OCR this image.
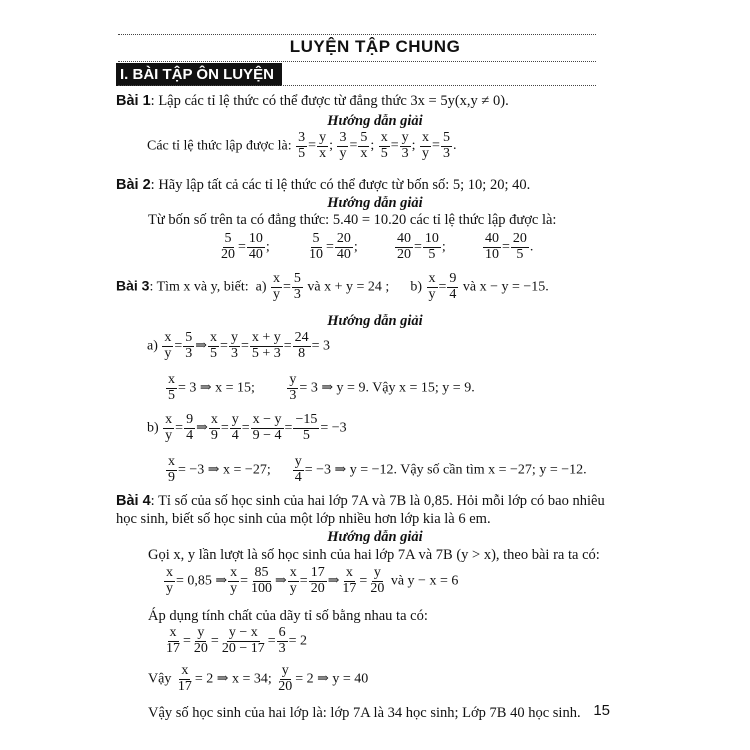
LUYỆN TẬP CHUNG
I. BÀI TẬP ÔN LUYỆN
Bài 1: Lập các tỉ lệ thức có thể được từ đẳng thức 3x = 5y(x,y ≠ 0).
Hướng dẫn giải
Các tỉ lệ thức lập được là: $\frac{3}{5} = \frac{y}{x}$ ; $\frac{3}{y} = \frac{5}{x}$ ; $\frac{x}{5} = \frac{y}{3}$ ; $\frac{x}{y} = \frac{5}{3}$ .
Bài 2: Hãy lập tất cả các tỉ lệ thức có thể được từ bốn số: 5; 10; 20; 40.
Hướng dẫn giải
Từ bốn số trên ta có đẳng thức: 5.40 = 10.20 các tỉ lệ thức lập được là:
$\frac{5}{20} = \frac{10}{40}$ ;	$\frac{5}{10} = \frac{20}{40}$ ;	$\frac{40}{20} = \frac{10}{5}$ ;	$\frac{40}{10} = \frac{20}{5}$ .
Bài 3: Tìm x và y, biết:  $a) \frac{x}{y} = \frac{5}{3}$ và x + y = 24 ;      $b) \frac{x}{y} = \frac{9}{4}$ và x − y = −15.
Hướng dẫn giải
$a) \frac{x}{y} = \frac{5}{3}$ ⇒ $\frac{x}{5} = \frac{y}{3} = \frac{x + y}{5 + 3} = \frac{24}{8} = 3$
$\frac{x}{5} = 3$ ⇒ x = 15; $\frac{y}{3} = 3$ ⇒ y = 9. Vậy x = 15; y = 9.
$b) \frac{x}{y} = \frac{9}{4}$ ⇒ $\frac{x}{9} = \frac{y}{4} = \frac{x - y}{9 - 4} = \frac{-15}{5} = -3$
$\frac{x}{9} = -3$ ⇒ x = −27; $\frac{y}{4} = -3$ ⇒ y = −12. Vậy số cần tìm x = −27; y = −12.
Bài 4: Tỉ số của số học sinh của hai lớp 7A và 7B là 0,85. Hỏi mỗi lớp có bao nhiêu
học sinh, biết số học sinh của một lớp nhiều hơn lớp kia là 6 em.
Hướng dẫn giải
Gọi x, y lần lượt là số học sinh của hai lớp 7A và 7B (y > x), theo bài ra ta có:
$\frac{x}{y} = 0,85$ ⇒ $\frac{x}{y} = \frac{85}{100}$ ⇒ $\frac{x}{y} = \frac{17}{20}$ ⇒ $\frac{x}{17} = \frac{y}{20}$ và y − x = 6
Áp dụng tính chất của dãy tỉ số bằng nhau ta có:
$\frac{x}{17} = \frac{y}{20} = \frac{y - x}{20 - 17} = \frac{6}{3} = 2$
Vậy $\frac{x}{17} = 2$ ⇒ x = 34; $\frac{y}{20} = 2$ ⇒ y = 40
Vậy số học sinh của hai lớp là: lớp 7A là 34 học sinh; Lớp 7B 40 học sinh. 15
